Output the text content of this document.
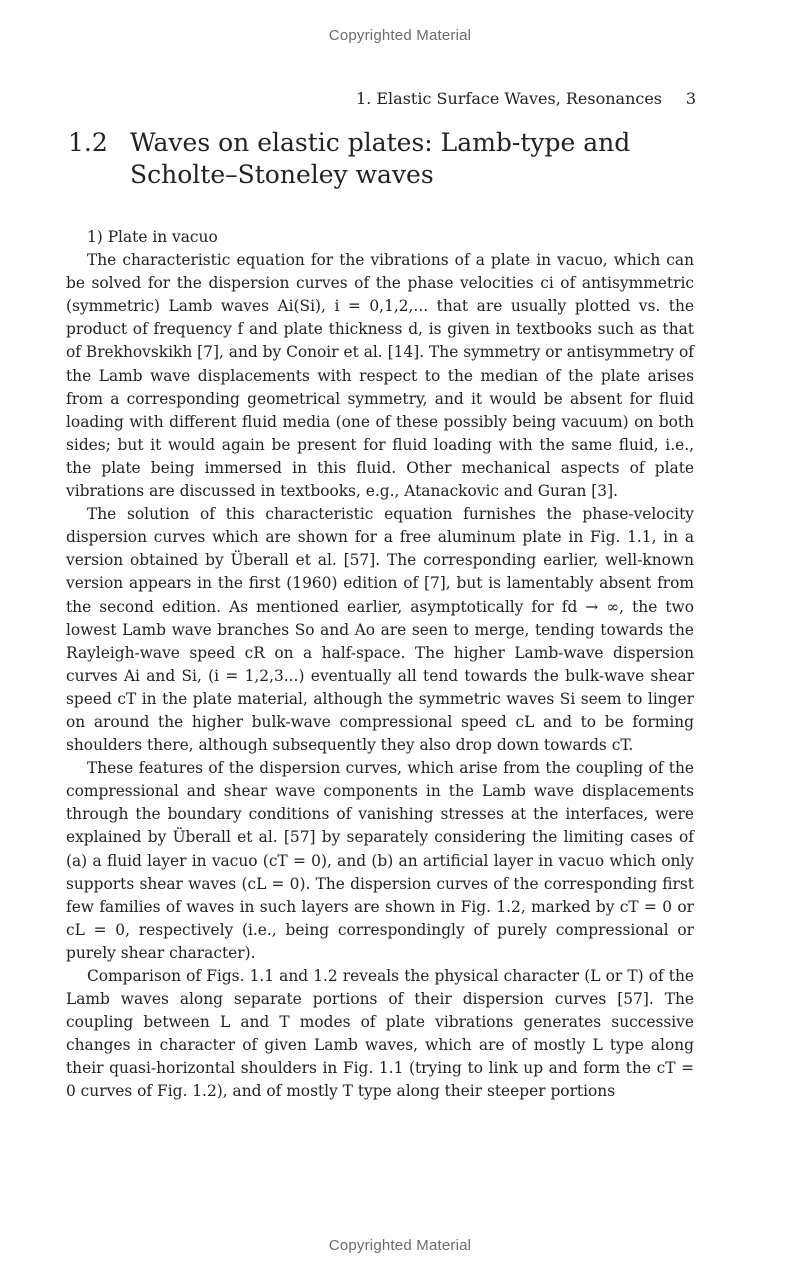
Copyrighted Material
1. Elastic Surface Waves, Resonances 3
1.2 Waves on elastic plates: Lamb-type and Scholte–Stoneley waves
1) Plate in vacuo

The characteristic equation for the vibrations of a plate in vacuo, which can be solved for the dispersion curves of the phase velocities ci of antisymmetric (symmetric) Lamb waves Ai(Si), i = 0,1,2,... that are usually plotted vs. the product of frequency f and plate thickness d, is given in textbooks such as that of Brekhovskikh [7], and by Conoir et al. [14]. The symmetry or antisymmetry of the Lamb wave displacements with respect to the median of the plate arises from a corresponding geometrical symmetry, and it would be absent for fluid loading with different fluid media (one of these possibly being vacuum) on both sides; but it would again be present for fluid loading with the same fluid, i.e., the plate being immersed in this fluid. Other mechanical aspects of plate vibrations are discussed in textbooks, e.g., Atanackovic and Guran [3].

The solution of this characteristic equation furnishes the phase-velocity dispersion curves which are shown for a free aluminum plate in Fig. 1.1, in a version obtained by Überall et al. [57]. The corresponding earlier, well-known version appears in the first (1960) edition of [7], but is lamentably absent from the second edition. As mentioned earlier, asymptotically for fd → ∞, the two lowest Lamb wave branches So and Ao are seen to merge, tending towards the Rayleigh-wave speed cR on a half-space. The higher Lamb-wave dispersion curves Ai and Si, (i = 1,2,3...) eventually all tend towards the bulk-wave shear speed cT in the plate material, although the symmetric waves Si seem to linger on around the higher bulk-wave compressional speed cL and to be forming shoulders there, although subsequently they also drop down towards cT.

These features of the dispersion curves, which arise from the coupling of the compressional and shear wave components in the Lamb wave displacements through the boundary conditions of vanishing stresses at the interfaces, were explained by Überall et al. [57] by separately considering the limiting cases of (a) a fluid layer in vacuo (cT = 0), and (b) an artificial layer in vacuo which only supports shear waves (cL = 0). The dispersion curves of the corresponding first few families of waves in such layers are shown in Fig. 1.2, marked by cT = 0 or cL = 0, respectively (i.e., being correspondingly of purely compressional or purely shear character).

Comparison of Figs. 1.1 and 1.2 reveals the physical character (L or T) of the Lamb waves along separate portions of their dispersion curves [57]. The coupling between L and T modes of plate vibrations generates successive changes in character of given Lamb waves, which are of mostly L type along their quasi-horizontal shoulders in Fig. 1.1 (trying to link up and form the cT = 0 curves of Fig. 1.2), and of mostly T type along their steeper portions

Copyrighted Material
